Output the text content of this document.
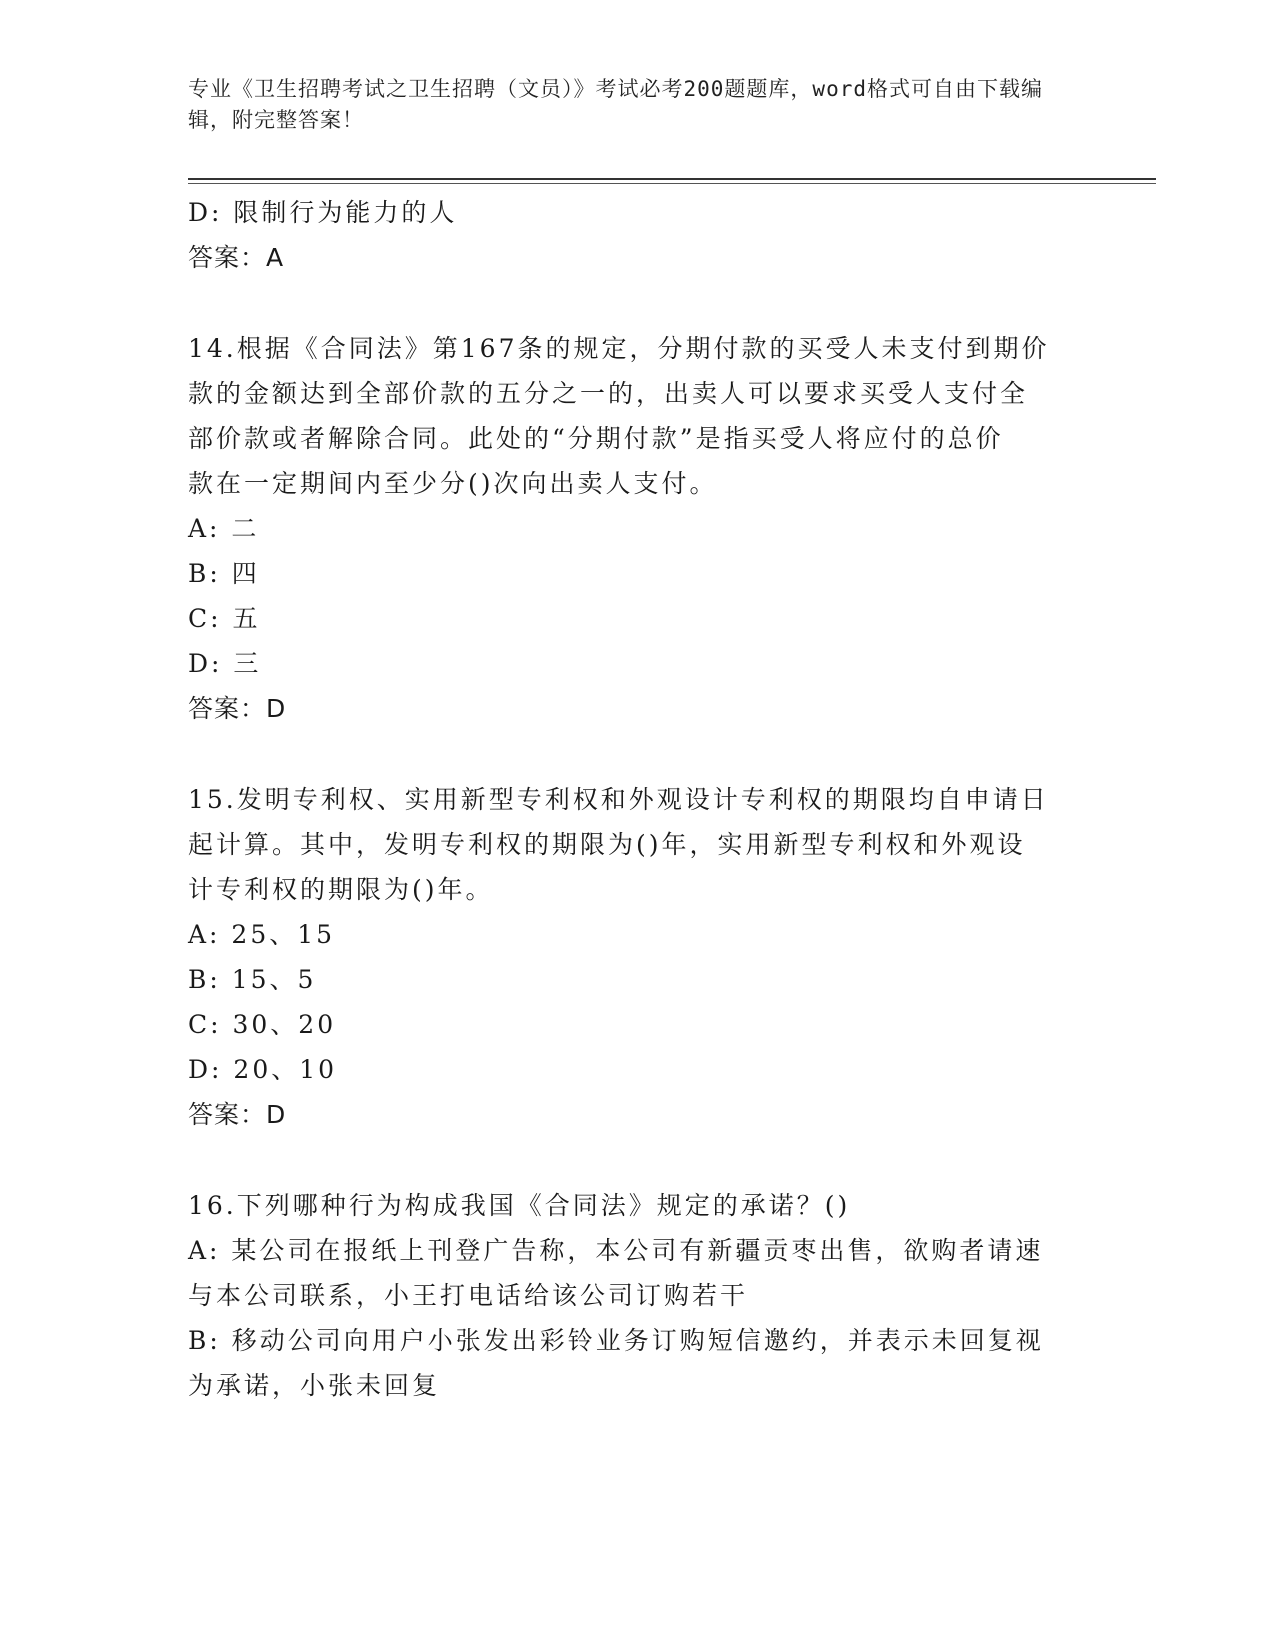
专业《卫生招聘考试之卫生招聘（文员）》考试必考200题题库，word格式可自由下载编辑，附完整答案！
D: 限制行为能力的人
答案：A
14.根据《合同法》第167条的规定，分期付款的买受人未支付到期价
款的金额达到全部价款的五分之一的，出卖人可以要求买受人支付全
部价款或者解除合同。此处的“分期付款”是指买受人将应付的总价
款在一定期间内至少分()次向出卖人支付。
A: 二
B: 四
C: 五
D: 三
答案：D
15.发明专利权、实用新型专利权和外观设计专利权的期限均自申请日
起计算。其中，发明专利权的期限为()年，实用新型专利权和外观设
计专利权的期限为()年。
A: 25、15
B: 15、5
C: 30、20
D: 20、10
答案：D
16.下列哪种行为构成我国《合同法》规定的承诺？()
A: 某公司在报纸上刊登广告称，本公司有新疆贡枣出售，欲购者请速
与本公司联系，小王打电话给该公司订购若干
B: 移动公司向用户小张发出彩铃业务订购短信邀约，并表示未回复视
为承诺，小张未回复
